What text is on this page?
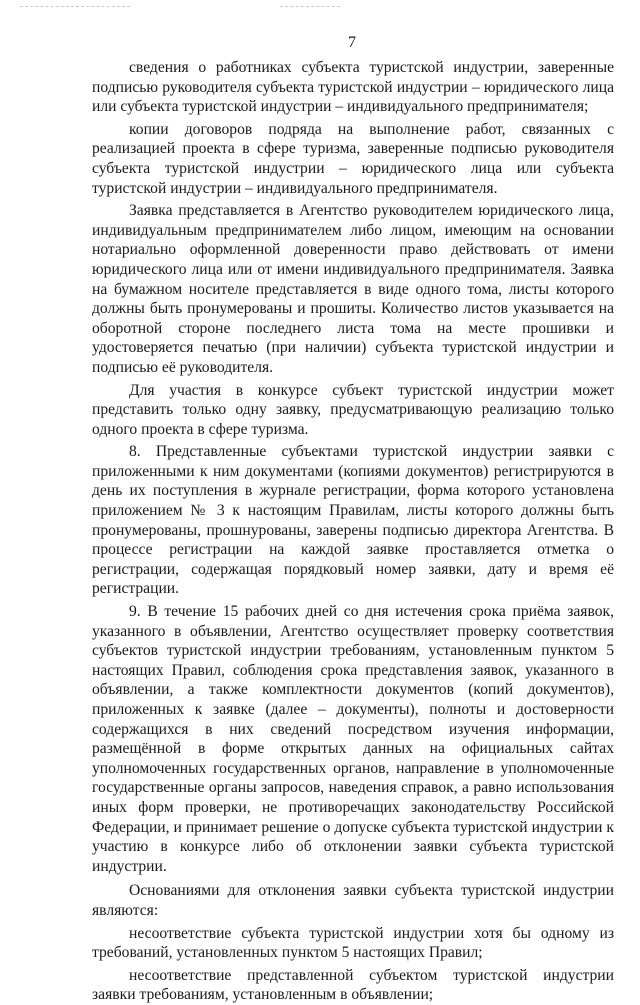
7

сведения о работниках субъекта туристской индустрии, заверенные подписью руководителя субъекта туристской индустрии – юридического лица или субъекта туристской индустрии – индивидуального предпринимателя;

копии договоров подряда на выполнение работ, связанных с реализацией проекта в сфере туризма, заверенные подписью руководителя субъекта туристской индустрии – юридического лица или субъекта туристской индустрии – индивидуального предпринимателя.

Заявка представляется в Агентство руководителем юридического лица, индивидуальным предпринимателем либо лицом, имеющим на основании нотариально оформленной доверенности право действовать от имени юридического лица или от имени индивидуального предпринимателя. Заявка на бумажном носителе представляется в виде одного тома, листы которого должны быть пронумерованы и прошиты. Количество листов указывается на оборотной стороне последнего листа тома на месте прошивки и удостоверяется печатью (при наличии) субъекта туристской индустрии и подписью её руководителя.

Для участия в конкурсе субъект туристской индустрии может представить только одну заявку, предусматривающую реализацию только одного проекта в сфере туризма.

8. Представленные субъектами туристской индустрии заявки с приложенными к ним документами (копиями документов) регистрируются в день их поступления в журнале регистрации, форма которого установлена приложением № 3 к настоящим Правилам, листы которого должны быть пронумерованы, прошнурованы, заверены подписью директора Агентства. В процессе регистрации на каждой заявке проставляется отметка о регистрации, содержащая порядковый номер заявки, дату и время её регистрации.

9. В течение 15 рабочих дней со дня истечения срока приёма заявок, указанного в объявлении, Агентство осуществляет проверку соответствия субъектов туристской индустрии требованиям, установленным пунктом 5 настоящих Правил, соблюдения срока представления заявок, указанного в объявлении, а также комплектности документов (копий документов), приложенных к заявке (далее – документы), полноты и достоверности содержащихся в них сведений посредством изучения информации, размещённой в форме открытых данных на официальных сайтах уполномоченных государственных органов, направление в уполномоченные государственные органы запросов, наведения справок, а равно использования иных форм проверки, не противоречащих законодательству Российской Федерации, и принимает решение о допуске субъекта туристской индустрии к участию в конкурсе либо об отклонении заявки субъекта туристской индустрии.

Основаниями для отклонения заявки субъекта туристской индустрии являются:

несоответствие субъекта туристской индустрии хотя бы одному из требований, установленных пунктом 5 настоящих Правил;

несоответствие представленной субъектом туристской индустрии заявки требованиям, установленным в объявлении;
